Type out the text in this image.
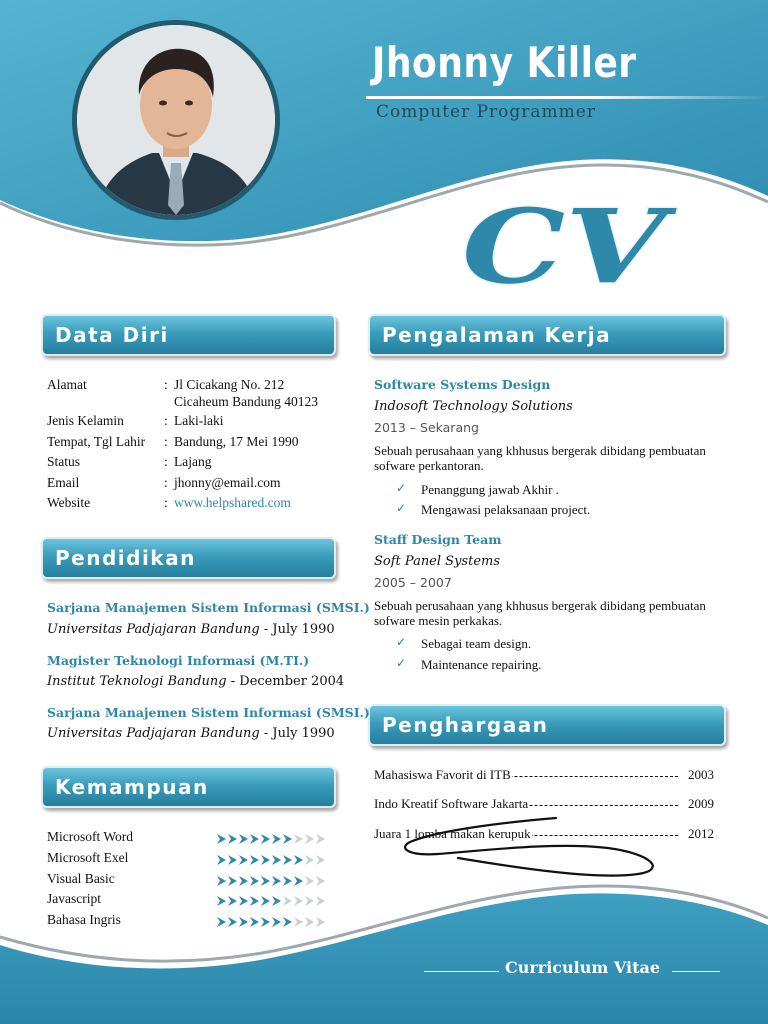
Jhonny Killer
Computer Programmer
CV
Data Diri
Pendidikan
Kemampuan
Pengalaman Kerja
Penghargaan
Alamat	: Jl Cicakang No. 212
Cicaheum Bandung 40123
Jenis Kelamin	: Laki-laki
Tempat, Tgl Lahir : Bandung, 17 Mei 1990
Status	: Lajang
Email	: jhonny@email.com
Website	: www.helpshared.com
Sarjana Manajemen Sistem Informasi (SMSI.)
Universitas Padjajaran Bandung - July 1990
Magister Teknologi Informasi (M.TI.)
Institut Teknologi Bandung - December 2004
Sarjana Manajemen Sistem Informasi (SMSI.)
Universitas Padjajaran Bandung - July 1990
Microsoft Word
Microsoft Exel
Visual Basic
Javascript
Bahasa Ingris
Software Systems Design
Indosoft Technology Solutions
2013 – Sekarang
Sebuah perusahaan yang khhusus bergerak dibidang pembuatan sofware perkantoran.
✓ Penanggung jawab Akhir .
✓ Mengawasi pelaksanaan project.
Staff Design Team
Soft Panel Systems
2005 – 2007
Sebuah perusahaan yang khhusus bergerak dibidang pembuatan sofware mesin perkakas.
✓ Sebagai team design.
✓ Maintenance repairing.
Mahasiswa Favorit di ITB	2003
Indo Kreatif Software Jakarta	2009
Juara 1 lomba makan kerupuk	2012
Curriculum Vitae
